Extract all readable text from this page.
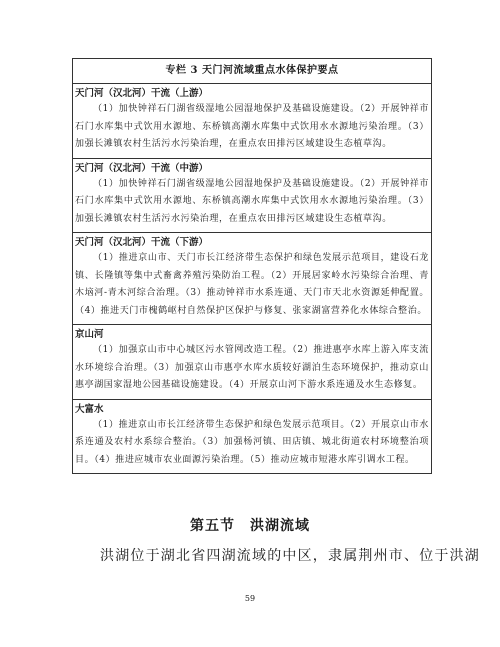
专栏 3 天门河流域重点水体保护要点

天门河（汉北河）干流（上游）

（1）加快钟祥石门湖省级湿地公园湿地保护及基础设施建设。（2）开展钟祥市石门水库集中式饮用水源地、东桥镇高潮水库集中式饮用水水源地污染治理。（3）加强长滩镇农村生活污水污染治理，在重点农田排污区域建设生态植草沟。

天门河（汉北河）干流（中游）

（1）加快钟祥石门湖省级湿地公园湿地保护及基础设施建设。（2）开展钟祥市石门水库集中式饮用水源地、东桥镇高潮水库集中式饮用水水源地污染治理。（3）加强长滩镇农村生活污水污染治理，在重点农田排污区域建设生态植草沟。

天门河（汉北河）干流（下游）

（1）推进京山市、天门市长江经济带生态保护和绿色发展示范项目，建设石龙镇、长隆镇等集中式畜禽养殖污染防治工程。（2）开展居家岭水污染综合治理、青木垴河-青木河综合治理。（3）推动钟祥市水系连通、天门市天北水资源延伸配置。（4）推进天门市槐鹤岖村自然保护区保护与修复、张家湖富营养化水体综合整治。

京山河

（1）加强京山市中心城区污水管网改造工程。（2）推进惠亭水库上游入库支流水环境综合治理。（3）加强京山市惠亭水库水质较好湖泊生态环境保护，推动京山惠亭湖国家湿地公园基础设施建设。（4）开展京山河下游水系连通及水生态修复。

大富水

（1）推进京山市长江经济带生态保护和绿色发展示范项目。（2）开展京山市水系连通及农村水系综合整治。（3）加强杨河镇、田店镇、城北街道农村环境整治项目。（4）推进应城市农业面源污染治理。（5）推动应城市短港水库引调水工程。

第五节　洪湖流域

洪湖位于湖北省四湖流域的中区，隶属荆州市、位于洪湖

59
